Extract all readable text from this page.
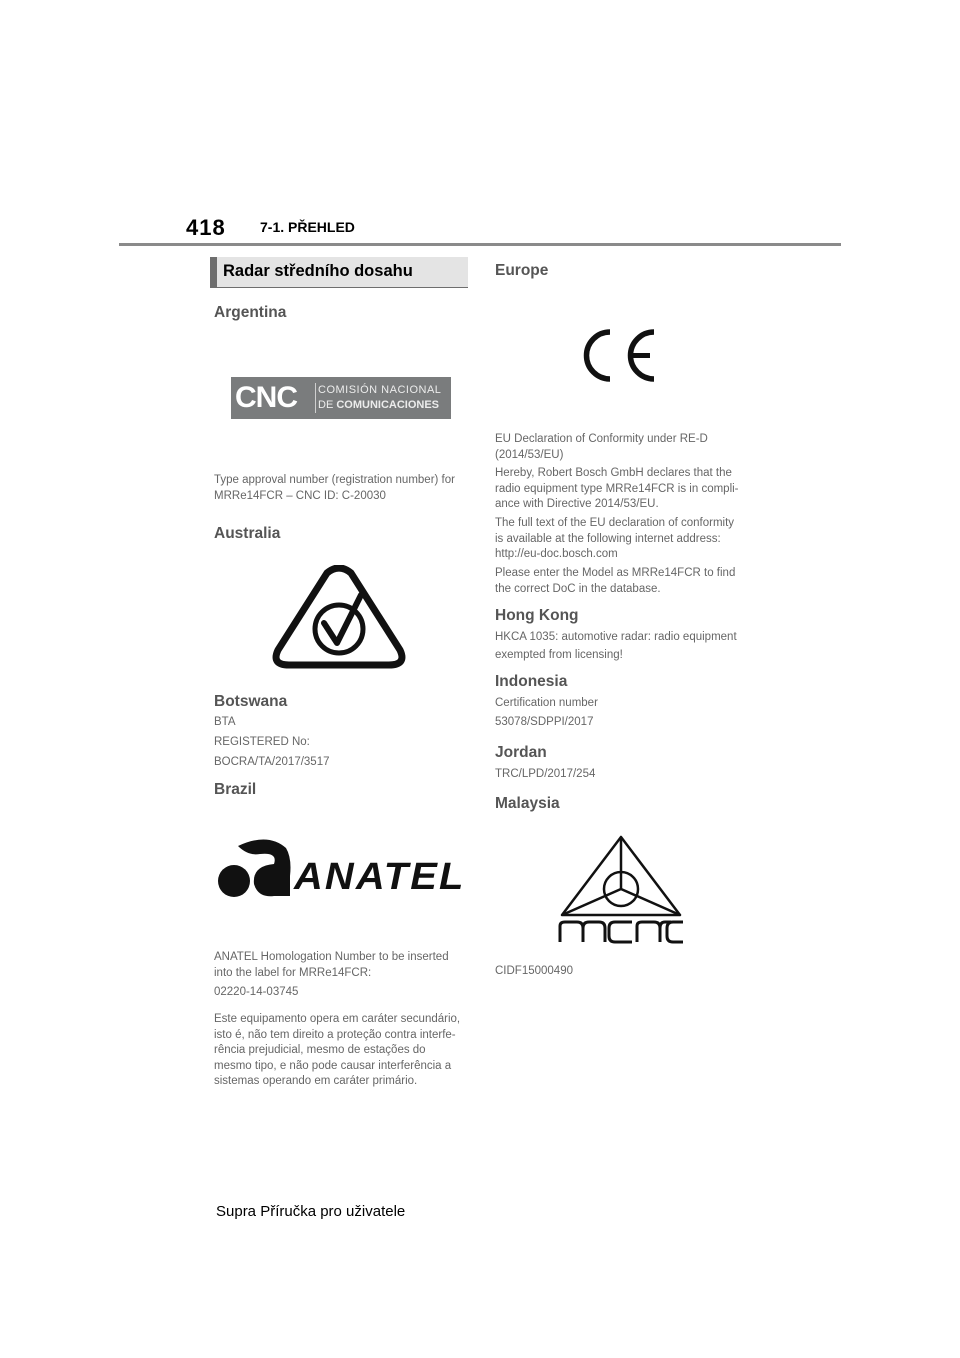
418 7-1. PŘEHLED
Radar středního dosahu
Argentina
CNC COMISIÓN NACIONAL
DE COMUNICACIONES
Type approval number (registration number) for
MRRe14FCR – CNC ID: C-20030
Australia
Botswana
BTA
REGISTERED No:
BOCRA/TA/2017/3517
Brazil
ANATEL
ANATEL Homologation Number to be inserted
into the label for MRRe14FCR:
02220-14-03745
Este equipamento opera em caráter secundário,
isto é, não tem direito a proteção contra interfe-
rência prejudicial, mesmo de estações do
mesmo tipo, e não pode causar interferência a
sistemas operando em caráter primário.
Europe
EU Declaration of Conformity under RE-D
(2014/53/EU)
Hereby, Robert Bosch GmbH declares that the
radio equipment type MRRe14FCR is in compli-
ance with Directive 2014/53/EU.
The full text of the EU declaration of conformity
is available at the following internet address:
http://eu-doc.bosch.com
Please enter the Model as MRRe14FCR to find
the correct DoC in the database.
Hong Kong
HKCA 1035: automotive radar: radio equipment
exempted from licensing!
Indonesia
Certification number
53078/SDPPI/2017
Jordan
TRC/LPD/2017/254
Malaysia
CIDF15000490
Supra Příručka pro uživatele
